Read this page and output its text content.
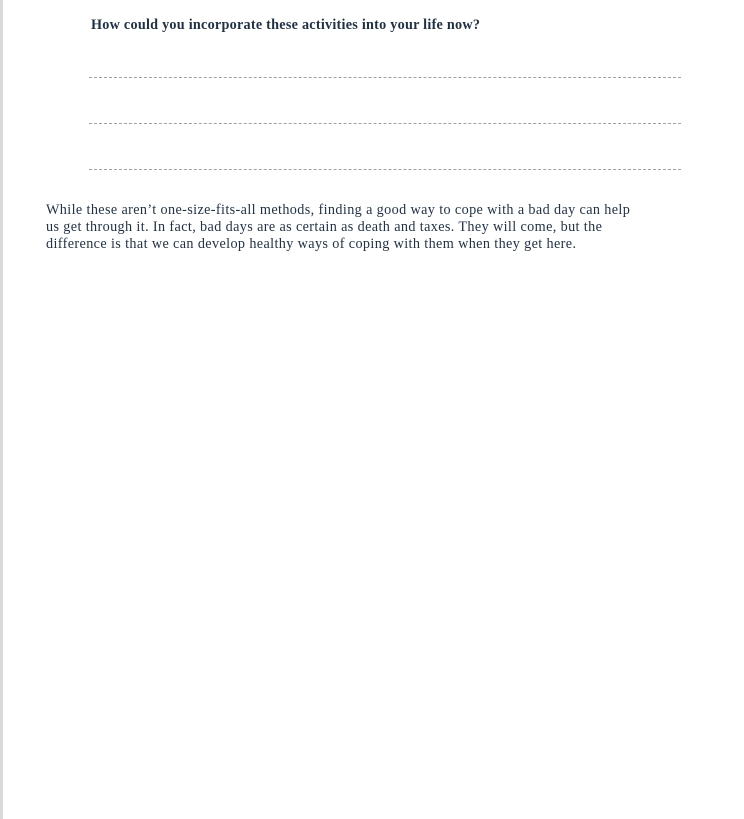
How could you incorporate these activities into your life now?

While these aren’t one-size-fits-all methods, finding a good way to cope with a bad day can help
us get through it. In fact, bad days are as certain as death and taxes. They will come, but the
difference is that we can develop healthy ways of coping with them when they get here.
